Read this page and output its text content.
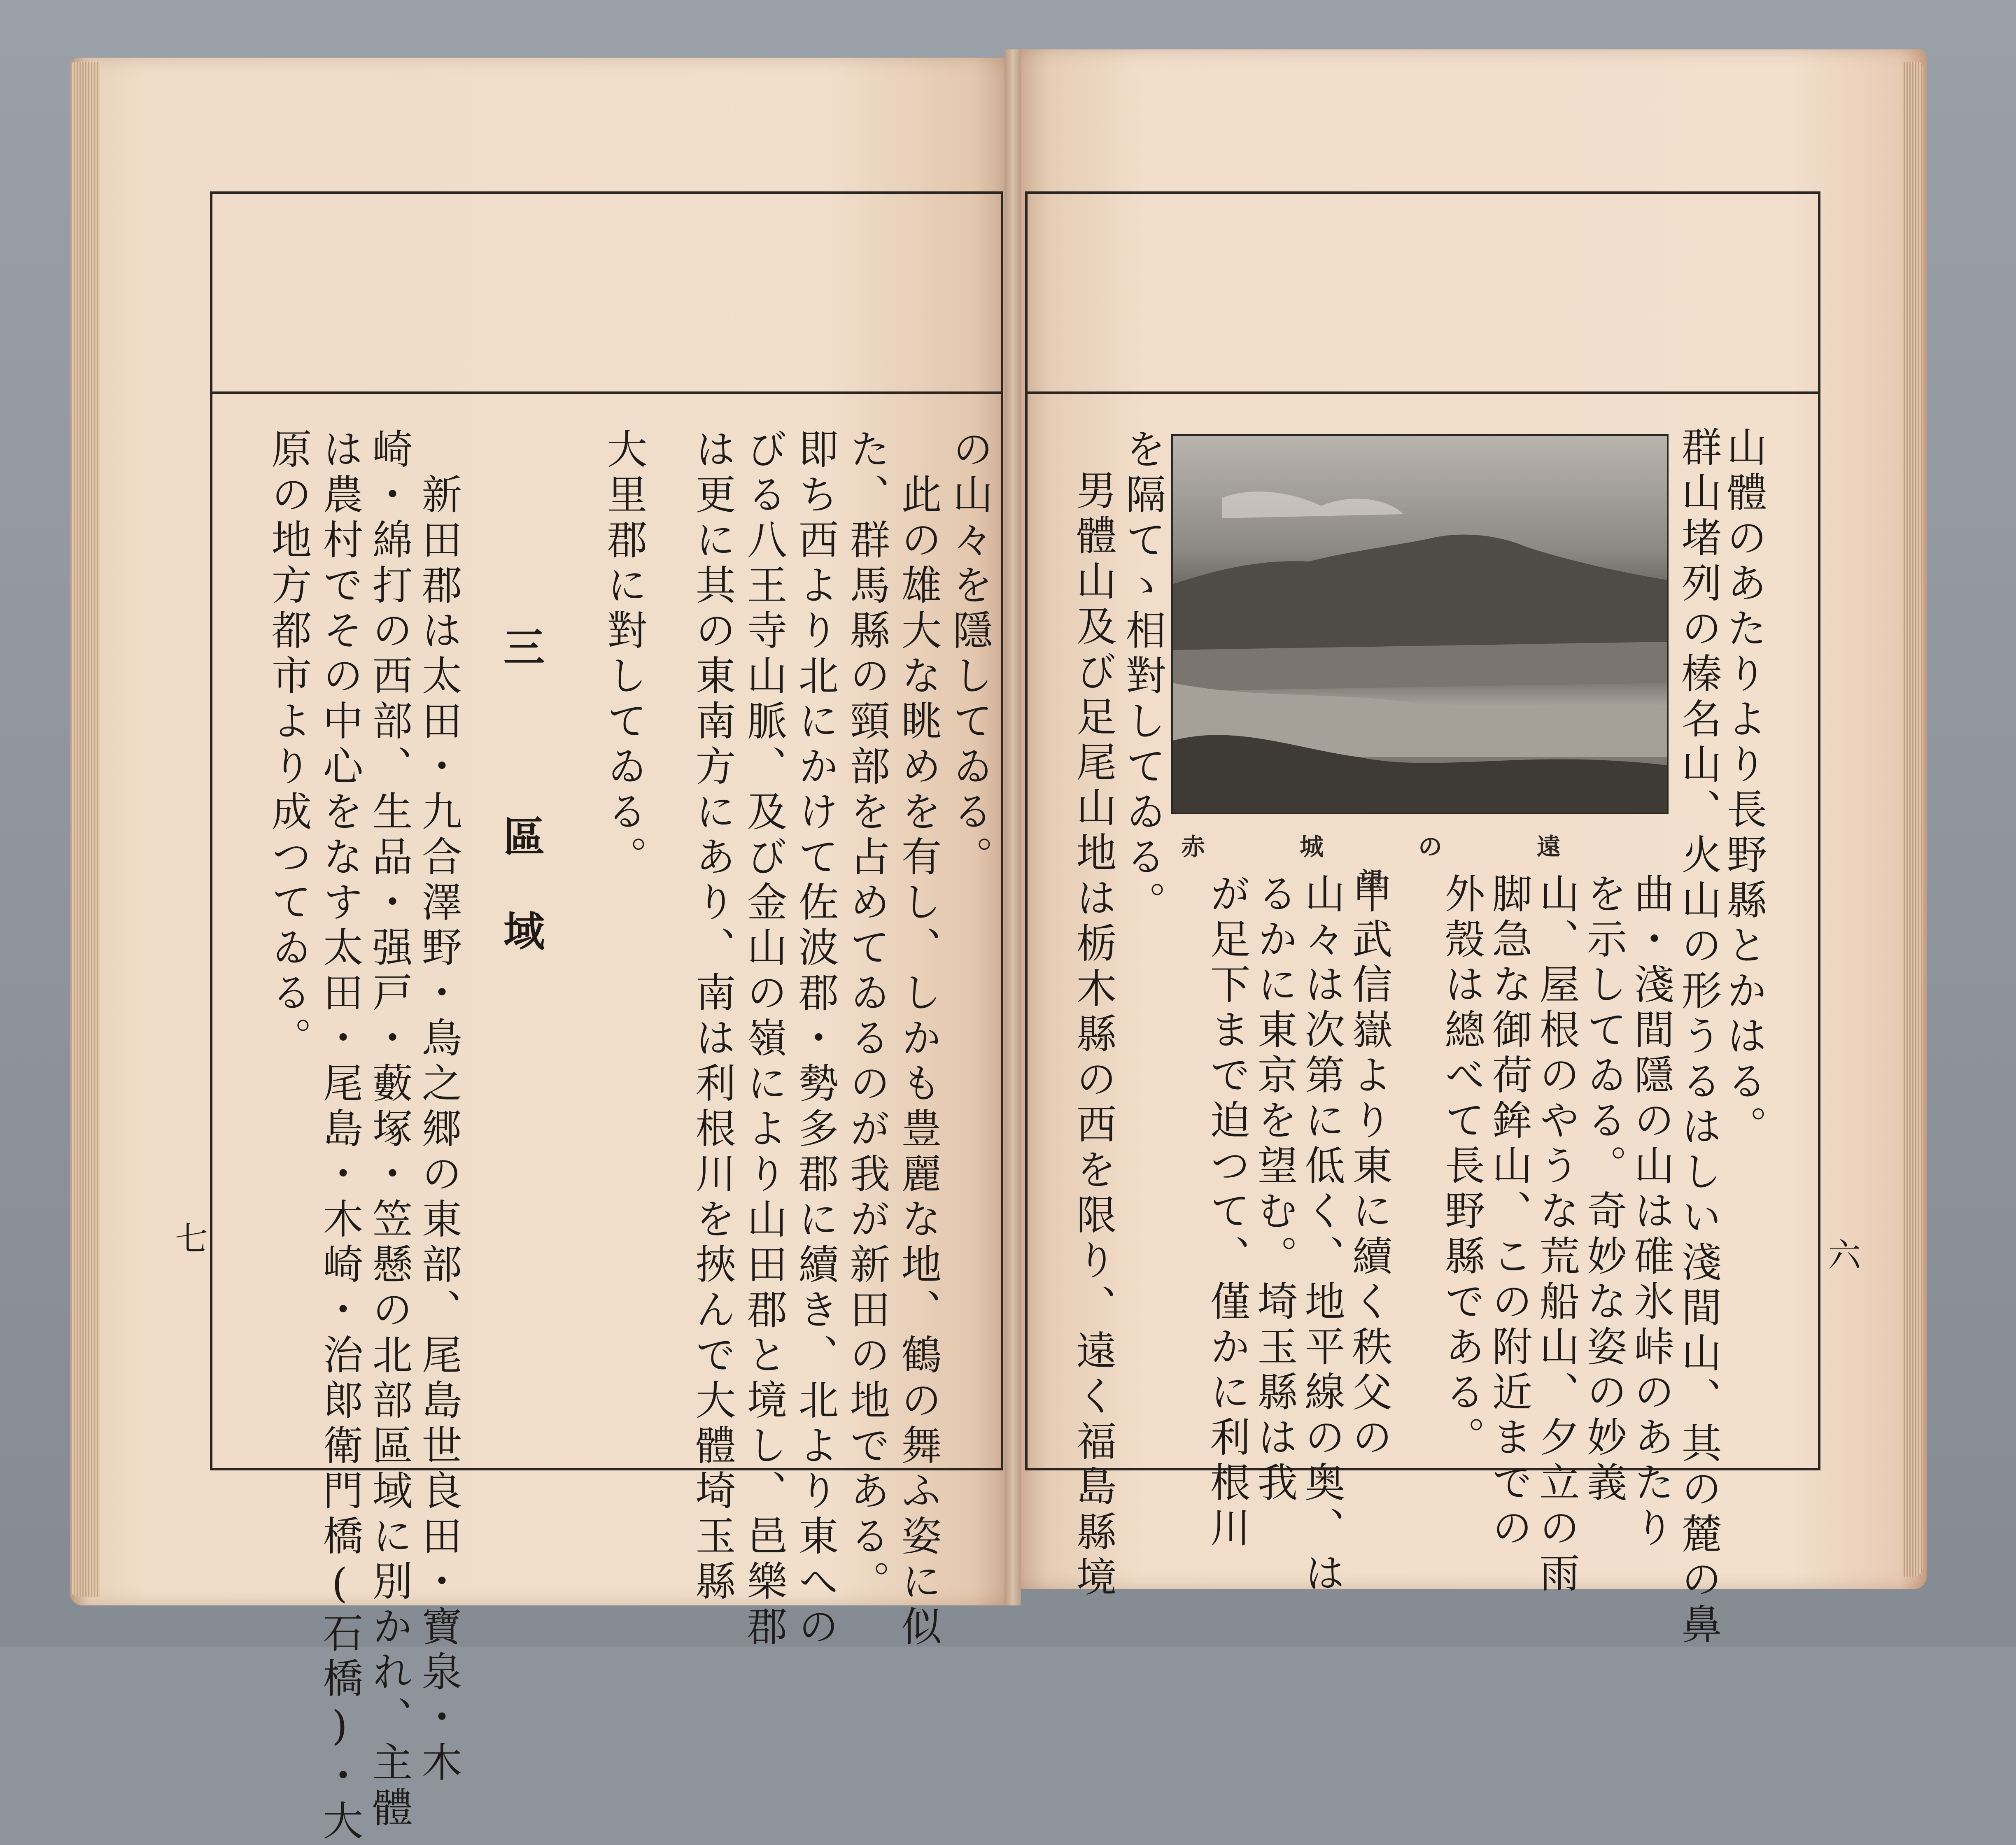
山體のあたりより長野縣とかはる。
群山堵列の榛名山、火山の形うるはしい淺間山、其の麓の鼻
曲・淺間隱の山は碓氷峠のあたり
を示してゐる。奇妙な姿の妙義
山、屋根のやうな荒船山、夕立の雨
脚急な御荷鉾山、この附近までの
外殼は總べて長野縣である。
甲武信嶽より東に續く秩父の
山々は次第に低く、地平線の奥、は
るかに東京を望む。埼玉縣は我
が足下まで迫つて、僅かに利根川
を隔てゝ相對してゐる。
男體山及び足尾山地は栃木縣の西を限り、遠く福島縣境	赤城の遠望
の山々を隱してゐる。
此の雄大な眺めを有し、しかも豊麗な地、鶴の舞ふ姿に似
た、群馬縣の頸部を占めてゐるのが我が新田の地である。
即ち西より北にかけて佐波郡・勢多郡に續き、北より東への
びる八王寺山脈、及び金山の嶺により山田郡と境し、邑樂郡
は更に其の東南方にあり、南は利根川を挾んで大體埼玉縣
大里郡に對してゐる。
三　區域
新田郡は太田・九合澤野・鳥之郷の東部、尾島世良田・寶泉・木
崎・綿打の西部、生品・强戸・藪塚・笠懸の北部區域に別かれ、主體
は農村でその中心をなす太田・尾島・木崎・治郞衛門橋(石橋)・大
原の地方都市より成つてゐる。
七	六
